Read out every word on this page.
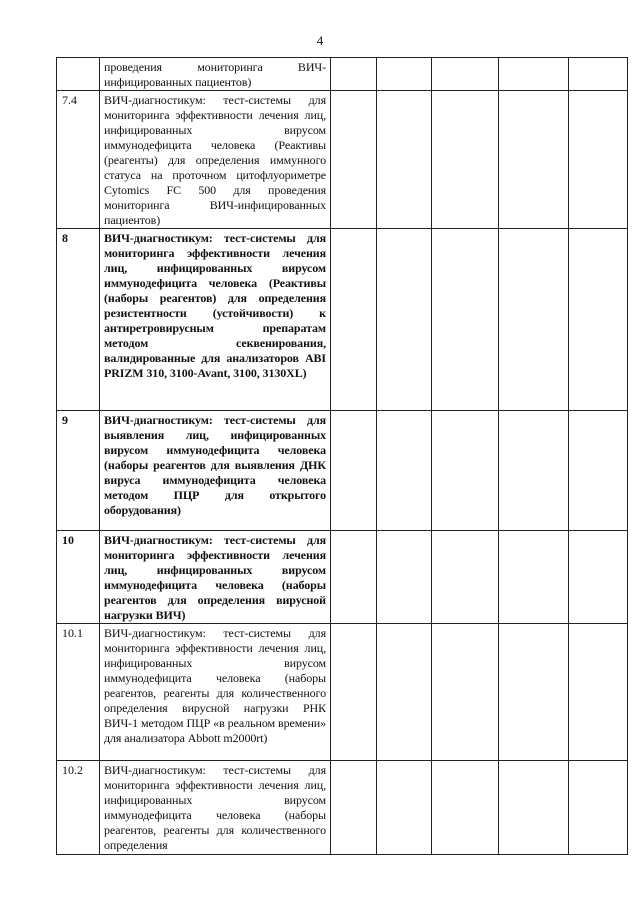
4
	проведения мониторинга ВИЧ-инфицированных пациентов)					
7.4	ВИЧ-диагностикум: тест-системы для мониторинга эффективности лечения лиц, инфицированных вирусом иммунодефицита человека (Реактивы (реагенты) для определения иммунного статуса на проточном цитофлуориметре Cytomics FC 500 для проведения мониторинга ВИЧ-инфицированных пациентов)					
8	ВИЧ-диагностикум: тест-системы для мониторинга эффективности лечения лиц, инфицированных вирусом иммунодефицита человека (Реактивы (наборы реагентов) для определения резистентности (устойчивости) к антиретровирусным препаратам методом секвенирования, валидированные для анализаторов ABI PRIZM 310, 3100-Avant, 3100, 3130XL)					
9	ВИЧ-диагностикум: тест-системы для выявления лиц, инфицированных вирусом иммунодефицита человека (наборы реагентов для выявления ДНК вируса иммунодефицита человека методом ПЦР для открытого оборудования)					
10	ВИЧ-диагностикум: тест-системы для мониторинга эффективности лечения лиц, инфицированных вирусом иммунодефицита человека (наборы реагентов для определения вирусной нагрузки ВИЧ)					
10.1	ВИЧ-диагностикум: тест-системы для мониторинга эффективности лечения лиц, инфицированных вирусом иммунодефицита человека (наборы реагентов, реагенты для количественного определения вирусной нагрузки РНК ВИЧ-1 методом ПЦР «в реальном времени» для анализатора Abbott m2000rt)					
10.2	ВИЧ-диагностикум: тест-системы для мониторинга эффективности лечения лиц, инфицированных вирусом иммунодефицита человека (наборы реагентов, реагенты для количественного определения					
